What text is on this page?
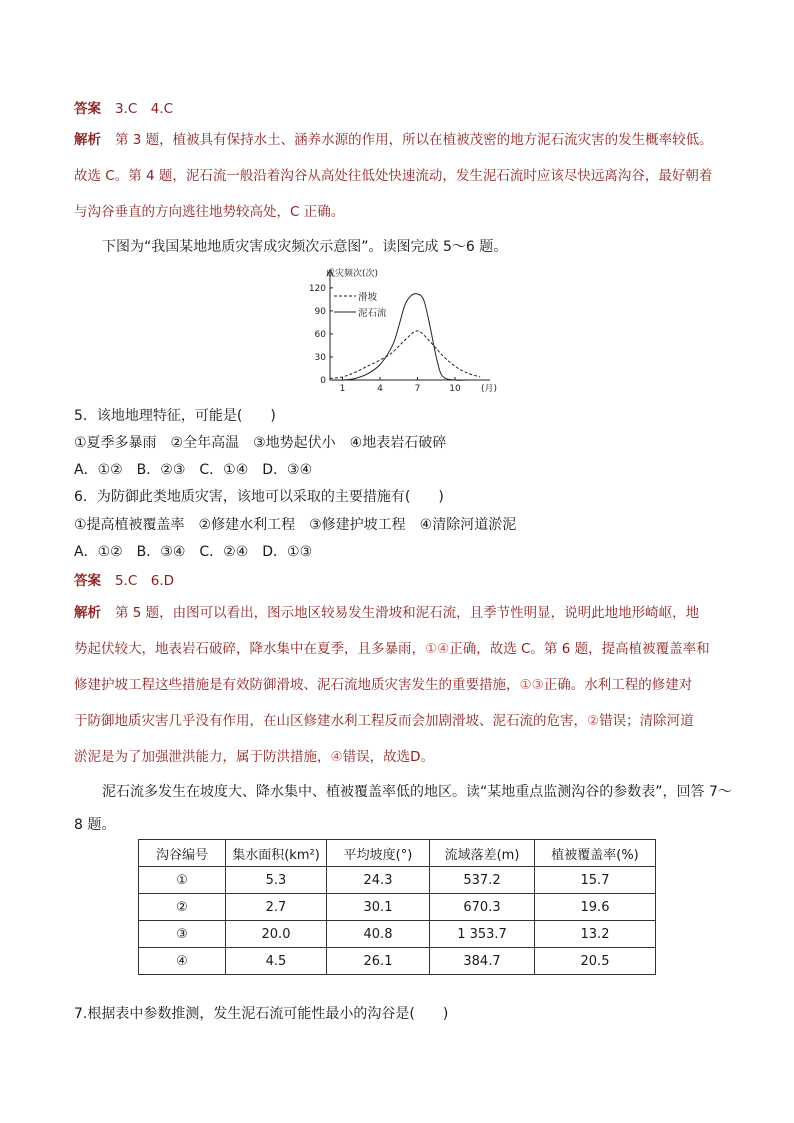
答案 3.C　4.C
解析 第 3 题，植被具有保持水土、涵养水源的作用，所以在植被茂密的地方泥石流灾害的发生概率较低。
故选 C。第 4 题，泥石流一般沿着沟谷从高处往低处快速流动，发生泥石流时应该尽快远离沟谷，最好朝着
与沟谷垂直的方向逃往地势较高处，C 正确。
下图为“我国某地地质灾害成灾频次示意图”。读图完成 5～6 题。
0
30
60
90
120
1	4	7	10
成灾频次(次)
(月)
滑坡
泥石流
5．该地地理特征，可能是(　　)
①夏季多暴雨　②全年高温　③地势起伏小　④地表岩石破碎
A．①②　B．②③　C．①④　D．③④
6．为防御此类地质灾害，该地可以采取的主要措施有(　　)
①提高植被覆盖率　②修建水利工程　③修建护坡工程　④清除河道淤泥
A．①②　B．③④　C．②④　D．①③
答案 5.C　6.D
解析 第 5 题，由图可以看出，图示地区较易发生滑坡和泥石流，且季节性明显，说明此地地形崎岖，地
势起伏较大，地表岩石破碎，降水集中在夏季，且多暴雨，①④正确，故选 C。第 6 题，提高植被覆盖率和
修建护坡工程这些措施是有效防御滑坡、泥石流地质灾害发生的重要措施，①③正确。水利工程的修建对
于防御地质灾害几乎没有作用，在山区修建水利工程反而会加剧滑坡、泥石流的危害，②错误；清除河道
淤泥是为了加强泄洪能力，属于防洪措施，④错误，故选D。
泥石流多发生在坡度大、降水集中、植被覆盖率低的地区。读“某地重点监测沟谷的参数表”，回答 7～
8 题。
沟谷编号	集水面积(km²)	平均坡度(°)	流域落差(m)	植被覆盖率(%)
①	5.3	24.3	537.2	15.7
②	2.7	30.1	670.3	19.6
③	20.0	40.8	1 353.7	13.2
④	4.5	26.1	384.7	20.5
7.根据表中参数推测，发生泥石流可能性最小的沟谷是(　　)
